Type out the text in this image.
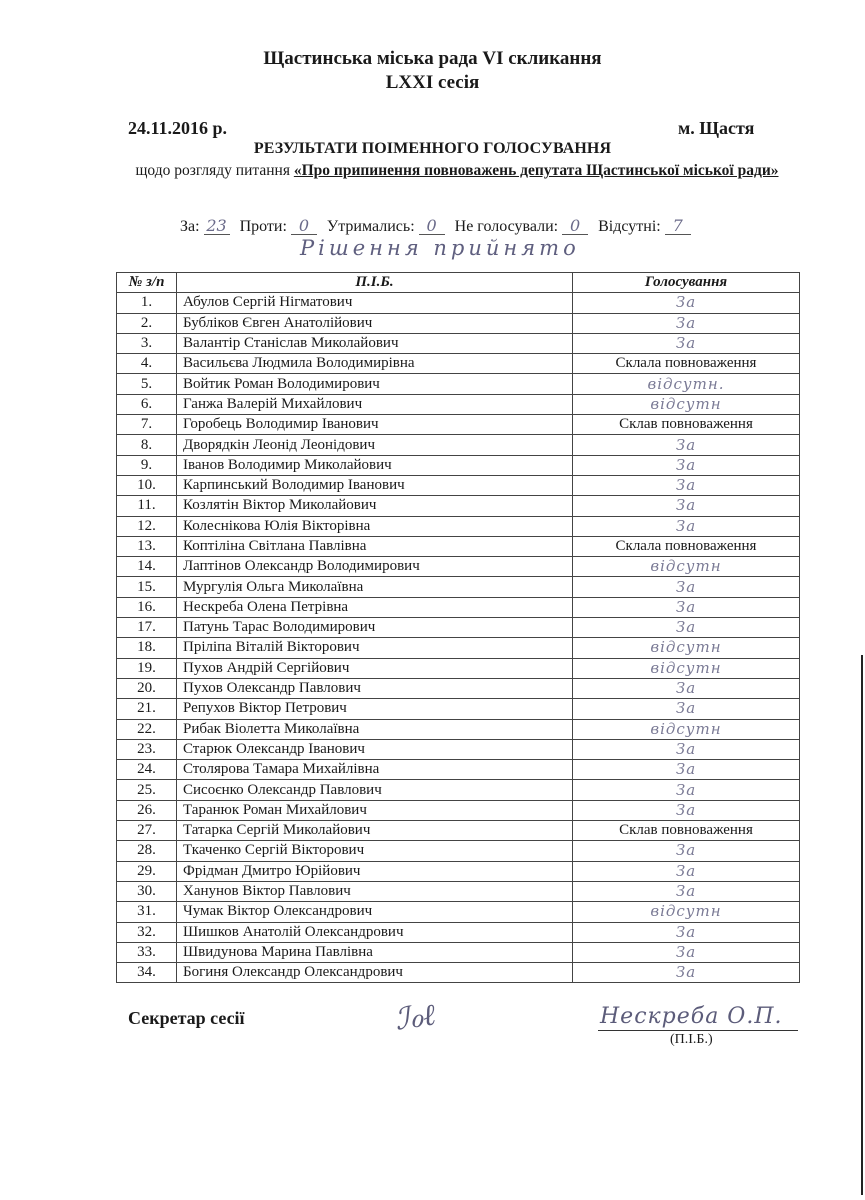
Щастинська міська рада VI скликання
LXXI сесія
24.11.2016 р.	м. Щастя
РЕЗУЛЬТАТИ ПОІМЕННОГО ГОЛОСУВАННЯ
щодо розгляду питання «Про припинення повноважень депутата Щастинської міської ради»
За: 23 Проти: 0 Утримались: 0 Не голосували: 0 Відсутні: 7
Рішення прийнято
№ з/п	П.І.Б.	Голосування
1.	Абулов Сергій Нігматович	За
2.	Бубліков Євген Анатолійович	За
3.	Валантір Станіслав Миколайович	За
4.	Васильєва Людмила Володимирівна	Склала повноваження
5.	Войтик Роман Володимирович	відсутн.
6.	Ганжа Валерій Михайлович	відсутн
7.	Горобець Володимир Іванович	Склав повноваження
8.	Дворядкін Леонід Леонідович	За
9.	Іванов Володимир Миколайович	За
10.	Карпинський Володимир Іванович	За
11.	Козлятін Віктор Миколайович	За
12.	Колеснікова Юлія Вікторівна	За
13.	Коптіліна Світлана Павлівна	Склала повноваження
14.	Лаптінов Олександр Володимирович	відсутн
15.	Мургулія Ольга Миколаївна	За
16.	Нескреба Олена Петрівна	За
17.	Патунь Тарас Володимирович	За
18.	Пріліпа Віталій Вікторович	відсутн
19.	Пухов Андрій Сергійович	відсутн
20.	Пухов Олександр Павлович	За
21.	Репухов Віктор Петрович	За
22.	Рибак Віолетта Миколаївна	відсутн
23.	Старюк Олександр Іванович	За
24.	Столярова Тамара Михайлівна	За
25.	Сисоєнко Олександр Павлович	За
26.	Таранюк Роман Михайлович	За
27.	Татарка Сергій Миколайович	Склав повноваження
28.	Ткаченко Сергій Вікторович	За
29.	Фрідман Дмитро Юрійович	За
30.	Ханунов Віктор Павлович	За
31.	Чумак Віктор Олександрович	відсутн
32.	Шишков Анатолій Олександрович	За
33.	Швидунова Марина Павлівна	За
34.	Богиня Олександр Олександрович	За
Секретар сесії	ℐℴℓ	Нескреба О.П.
(П.І.Б.)
